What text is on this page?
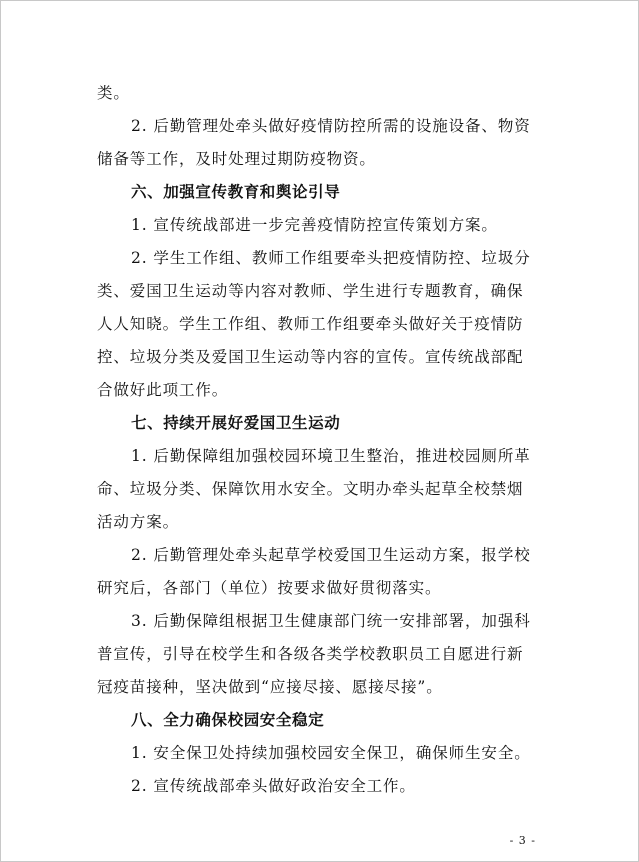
类。
2. 后勤管理处牵头做好疫情防控所需的设施设备、物资
储备等工作，及时处理过期防疫物资。
六、加强宣传教育和舆论引导
1. 宣传统战部进一步完善疫情防控宣传策划方案。
2. 学生工作组、教师工作组要牵头把疫情防控、垃圾分
类、爱国卫生运动等内容对教师、学生进行专题教育，确保
人人知晓。学生工作组、教师工作组要牵头做好关于疫情防
控、垃圾分类及爱国卫生运动等内容的宣传。宣传统战部配
合做好此项工作。
七、持续开展好爱国卫生运动
1. 后勤保障组加强校园环境卫生整治，推进校园厕所革
命、垃圾分类、保障饮用水安全。文明办牵头起草全校禁烟
活动方案。
2. 后勤管理处牵头起草学校爱国卫生运动方案，报学校
研究后，各部门（单位）按要求做好贯彻落实。
3. 后勤保障组根据卫生健康部门统一安排部署，加强科
普宣传，引导在校学生和各级各类学校教职员工自愿进行新
冠疫苗接种，坚决做到“应接尽接、愿接尽接”。
八、全力确保校园安全稳定
1. 安全保卫处持续加强校园安全保卫，确保师生安全。
2. 宣传统战部牵头做好政治安全工作。
- 3 -
